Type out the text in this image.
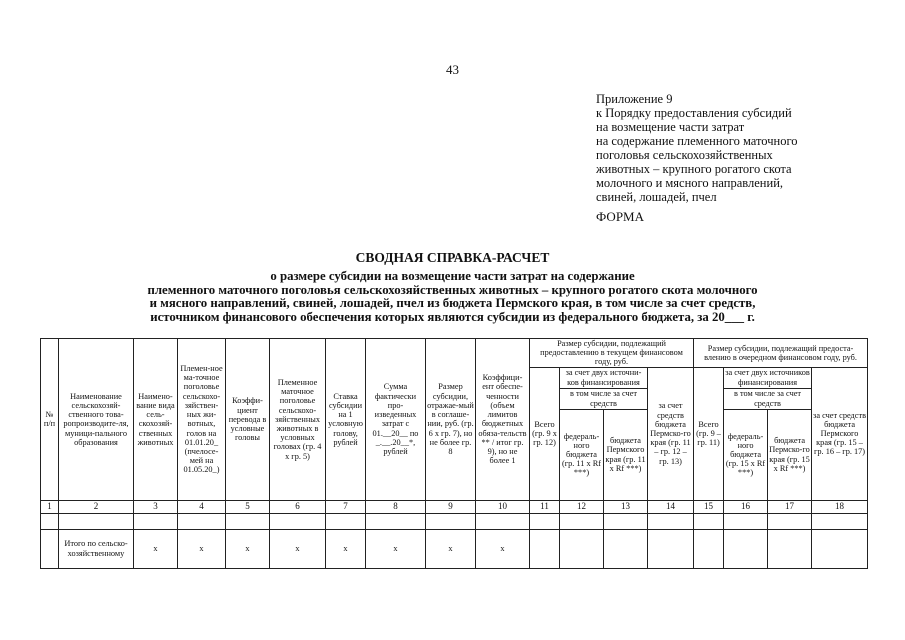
43
Приложение 9
к Порядку предоставления субсидий
на возмещение части затрат
на содержание племенного маточного
поголовья сельскохозяйственных
животных – крупного рогатого скота
молочного и мясного направлений,
свиней, лошадей, пчел
ФОРМА
СВОДНАЯ СПРАВКА-РАСЧЕТ
о размере субсидии на возмещение части затрат на содержание
племенного маточного поголовья сельскохозяйственных животных – крупного рогатого скота молочного
и мясного направлений, свиней, лошадей, пчел из бюджета Пермского края, в том числе за счет средств,
источником финансового обеспечения которых являются субсидии из федерального бюджета, за 20___ г.
№ п/п	Наименование сельскохозяй-ственного това-ропроизводите-ля, муници-пального образования	Наимено-вание вида сель-скохозяй-ственных животных	Племен-ное ма-точное поголовье сельскохо-зяйствен-ных жи-вотных, голов на 01.01.20_ (пчелосе-мей на 01.05.20_)	Коэффи-циент перевода в условные головы	Племенное маточное поголовье сельскохо-зяйственных животных в условных головах (гр. 4 х гр. 5)	Ставка субсидии на 1 условную голову, рублей	Сумма фактически про-изведенных затрат с 01.__20__ по _.__.20__*, рублей	Размер субсидии, отражае-мый в соглаше-нии, руб. (гр. 6 х гр. 7), но не более гр. 8	Коэффици-ент обеспе-ченности (объем лимитов бюджетных обяза-тельств ** / итог гр. 9), но не более 1	Размер субсидии, подлежащий предоставлению в текущем финансовом году, руб.				Размер субсидии, подлежащий предоста-влению в очередном финансовом году, руб.			
										Всего (гр. 9 х гр. 12)	за счет двух источни-ков финансирования		за счет средств бюджета Пермско-го края (гр. 11 – гр. 12 – гр. 13)	Всего (гр. 9 – гр. 11)	за счет двух источников финансирования		за счет средств бюджета Пермского края (гр. 15 – гр. 16 – гр. 17)
											в том числе за счет средств				в том числе за счет средств		
											федераль-ного бюджета (гр. 11 х Rf ***)	бюджета Пермского края (гр. 11 х Rf ***)			федераль-ного бюджета (гр. 15 х Rf ***)	бюджета Пермско-го края (гр. 15 х Rf ***)	
1	2	3	4	5	6	7	8	9	10	11	12	13	14	15	16	17	18

	Итого по сельско-хозяйственному	х	х	х	х	х	х	х	х								
